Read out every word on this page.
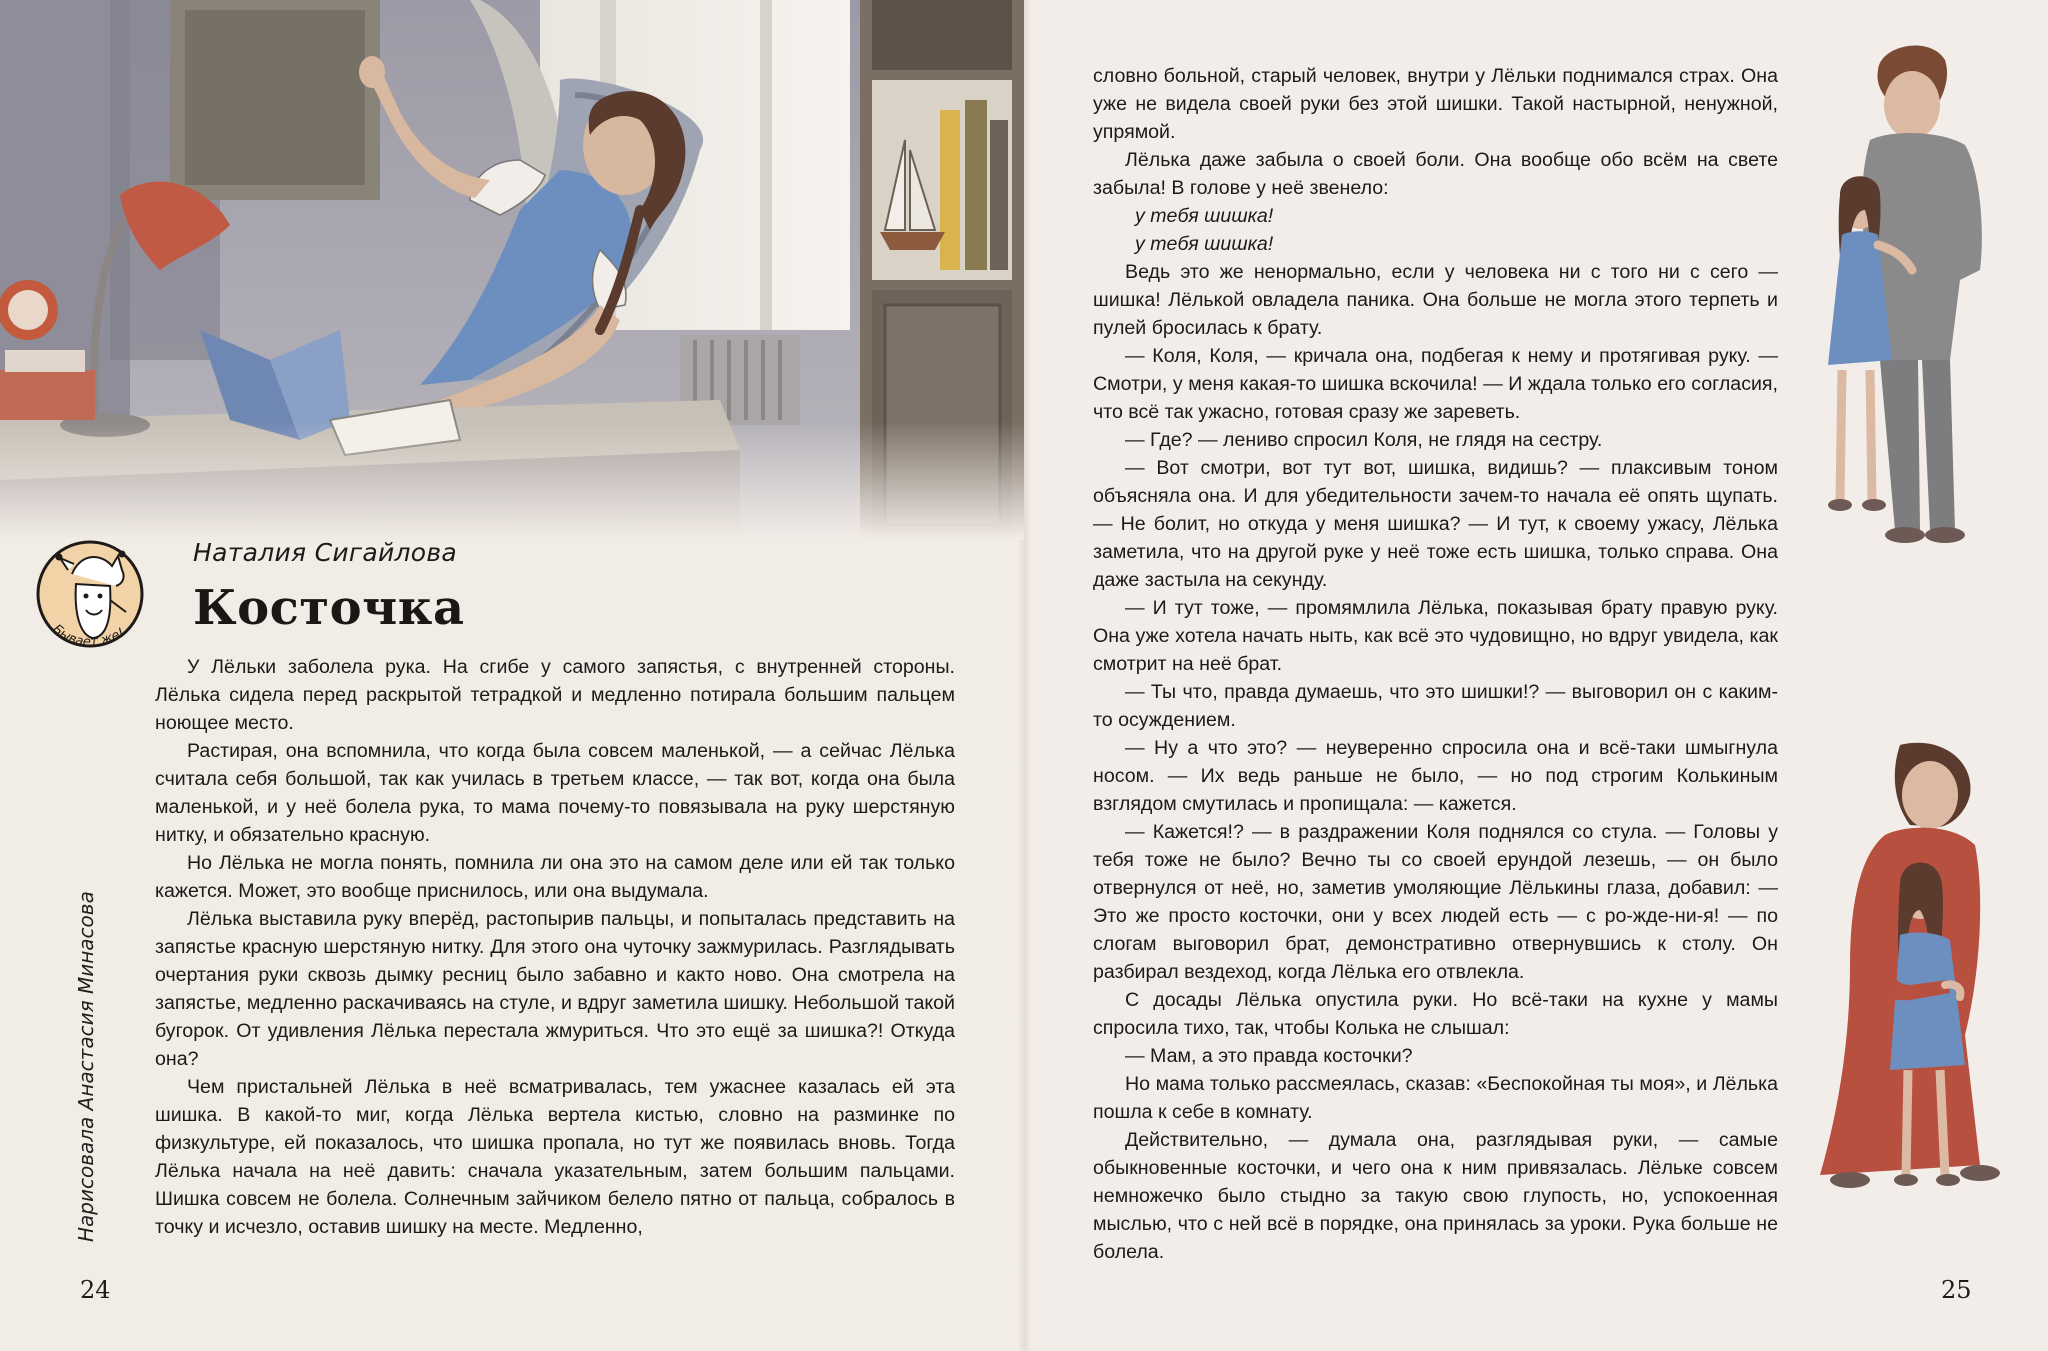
Бывает же!
Наталия Сигайлова
Косточка
Нарисовала Анастасия Минасова

У Лёльки заболела рука. На сгибе у самого запястья, с внутренней стороны. Лёлька сидела перед раскрытой тетрадкой и медленно потирала большим пальцем ноющее место.

Растирая, она вспомнила, что когда была совсем маленькой, — а сейчас Лёлька считала себя большой, так как училась в третьем классе, — так вот, когда она была маленькой, и у неё болела рука, то мама почему-то повязывала на руку шерстяную нитку, и обязательно красную.

Но Лёлька не могла понять, помнила ли она это на самом деле или ей так только кажется. Может, это вообще приснилось, или она выдумала.

Лёлька выставила руку вперёд, растопырив пальцы, и попыталась представить на запястье красную шерстяную нитку. Для этого она чуточку зажмурилась. Разглядывать очертания руки сквозь дымку ресниц было забавно и както ново. Она смотрела на запястье, медленно раскачиваясь на стуле, и вдруг заметила шишку. Небольшой такой бугорок. От удивления Лёлька перестала жмуриться. Что это ещё за шишка?! Откуда она?

Чем пристальней Лёлька в неё всматривалась, тем ужаснее казалась ей эта шишка. В какой-то миг, когда Лёлька вертела кистью, словно на разминке по физкультуре, ей показалось, что шишка пропала, но тут же появилась вновь. Тогда Лёлька начала на неё давить: сначала указательным, затем большим пальцами. Шишка совсем не болела. Солнечным зайчиком белело пятно от пальца, собралось в точку и исчезло, оставив шишку на месте. Медленно,

словно больной, старый человек, внутри у Лёльки поднимался страх. Она уже не видела своей руки без этой шишки. Такой настырной, ненужной, упрямой.

Лёлька даже забыла о своей боли. Она вообще обо всём на свете забыла! В голове у неё звенело:

у тебя шишка!

у тебя шишка!

Ведь это же ненормально, если у человека ни с того ни с сего — шишка! Лёлькой овладела паника. Она больше не могла этого терпеть и пулей бросилась к брату.

— Коля, Коля, — кричала она, подбегая к нему и протягивая руку. — Смотри, у меня какая-то шишка вскочила! — И ждала только его согласия, что всё так ужасно, готовая сразу же зареветь.

— Где? — лениво спросил Коля, не глядя на сестру.

— Вот смотри, вот тут вот, шишка, видишь? — плаксивым тоном объясняла она. И для убедительности зачем-то начала её опять щупать. — Не болит, но откуда у меня шишка? — И тут, к своему ужасу, Лёлька заметила, что на другой руке у неё тоже есть шишка, только справа. Она даже застыла на секунду.

— И тут тоже, — промямлила Лёлька, показывая брату правую руку. Она уже хотела начать ныть, как всё это чудовищно, но вдруг увидела, как смотрит на неё брат.

— Ты что, правда думаешь, что это шишки!? — выговорил он с каким-то осуждением.

— Ну а что это? — неуверенно спросила она и всё-таки шмыгнула носом. — Их ведь раньше не было, — но под строгим Колькиным взглядом смутилась и пропищала: — кажется.

— Кажется!? — в раздражении Коля поднялся со стула. — Головы у тебя тоже не было? Вечно ты со своей ерундой лезешь, — он было отвернулся от неё, но, заметив умоляющие Лёлькины глаза, добавил: — Это же просто косточки, они у всех людей есть — с ро-жде-ни-я! — по слогам выговорил брат, демонстративно отвернувшись к столу. Он разбирал вездеход, когда Лёлька его отвлекла.

С досады Лёлька опустила руки. Но всё-таки на кухне у мамы спросила тихо, так, чтобы Колька не слышал:

— Мам, а это правда косточки?

Но мама только рассмеялась, сказав: «Беспокойная ты моя», и Лёлька пошла к себе в комнату.

Действительно, — думала она, разглядывая руки, — самые обыкновенные косточки, и чего она к ним привязалась. Лёльке совсем немножечко было стыдно за такую свою глупость, но, успокоенная мыслью, что с ней всё в порядке, она принялась за уроки. Рука больше не болела.

24	25
